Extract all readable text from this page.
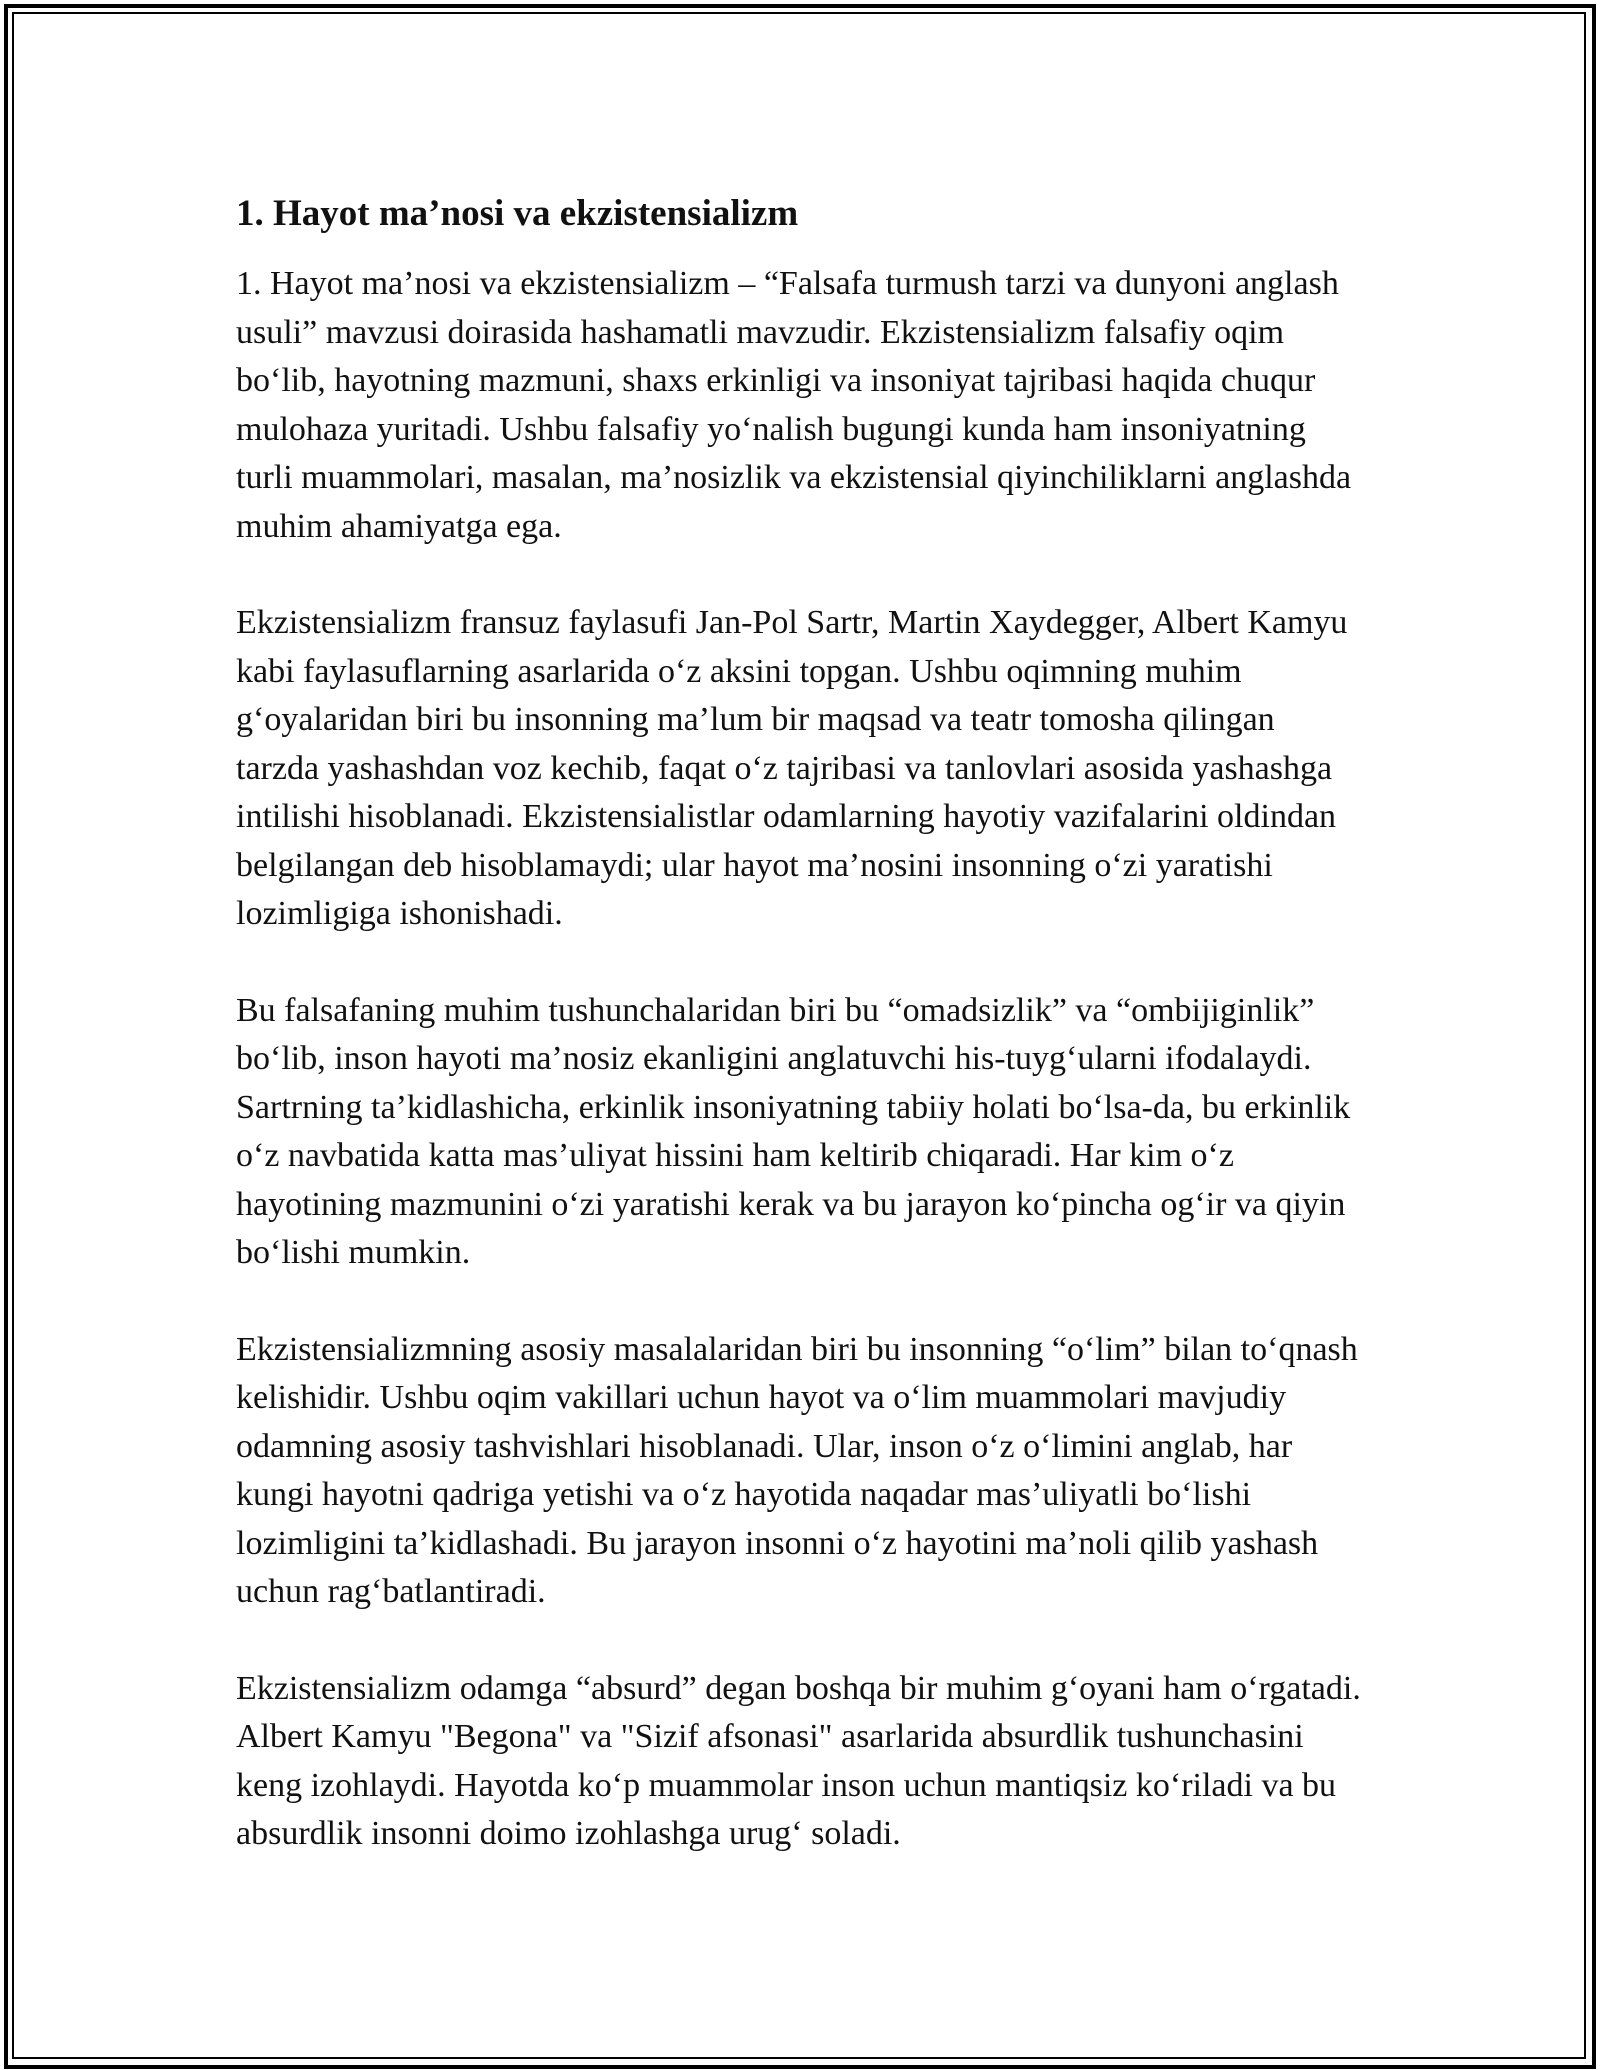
1. Hayot ma’nosi va ekzistensializm

1. Hayot ma’nosi va ekzistensializm – “Falsafa turmush tarzi va dunyoni anglash usuli” mavzusi doirasida hashamatli mavzudir. Ekzistensializm falsafiy oqim bo‘lib, hayotning mazmuni, shaxs erkinligi va insoniyat tajribasi haqida chuqur mulohaza yuritadi. Ushbu falsafiy yo‘nalish bugungi kunda ham insoniyatning turli muammolari, masalan, ma’nosizlik va ekzistensial qiyinchiliklarni anglashda muhim ahamiyatga ega.

Ekzistensializm fransuz faylasufi Jan-Pol Sartr, Martin Xaydegger, Albert Kamyu kabi faylasuflarning asarlarida o‘z aksini topgan. Ushbu oqimning muhim g‘oyalaridan biri bu insonning ma’lum bir maqsad va teatr tomosha qilingan tarzda yashashdan voz kechib, faqat o‘z tajribasi va tanlovlari asosida yashashga intilishi hisoblanadi. Ekzistensialistlar odamlarning hayotiy vazifalarini oldindan belgilangan deb hisoblamaydi; ular hayot ma’nosini insonning o‘zi yaratishi lozimligiga ishonishadi.

Bu falsafaning muhim tushunchalaridan biri bu “omadsizlik” va “ombijiginlik” bo‘lib, inson hayoti ma’nosiz ekanligini anglatuvchi his-tuyg‘ularni ifodalaydi. Sartrning ta’kidlashicha, erkinlik insoniyatning tabiiy holati bo‘lsa-da, bu erkinlik o‘z navbatida katta mas’uliyat hissini ham keltirib chiqaradi. Har kim o‘z hayotining mazmunini o‘zi yaratishi kerak va bu jarayon ko‘pincha og‘ir va qiyin bo‘lishi mumkin.

Ekzistensializmning asosiy masalalaridan biri bu insonning “o‘lim” bilan to‘qnash kelishidir. Ushbu oqim vakillari uchun hayot va o‘lim muammolari mavjudiy odamning asosiy tashvishlari hisoblanadi. Ular, inson o‘z o‘limini anglab, har kungi hayotni qadriga yetishi va o‘z hayotida naqadar mas’uliyatli bo‘lishi lozimligini ta’kidlashadi. Bu jarayon insonni o‘z hayotini ma’noli qilib yashash uchun rag‘batlantiradi.

Ekzistensializm odamga “absurd” degan boshqa bir muhim g‘oyani ham o‘rgatadi. Albert Kamyu "Begona" va "Sizif afsonasi" asarlarida absurdlik tushunchasini keng izohlaydi. Hayotda ko‘p muammolar inson uchun mantiqsiz ko‘riladi va bu absurdlik insonni doimo izohlashga urug‘ soladi.
